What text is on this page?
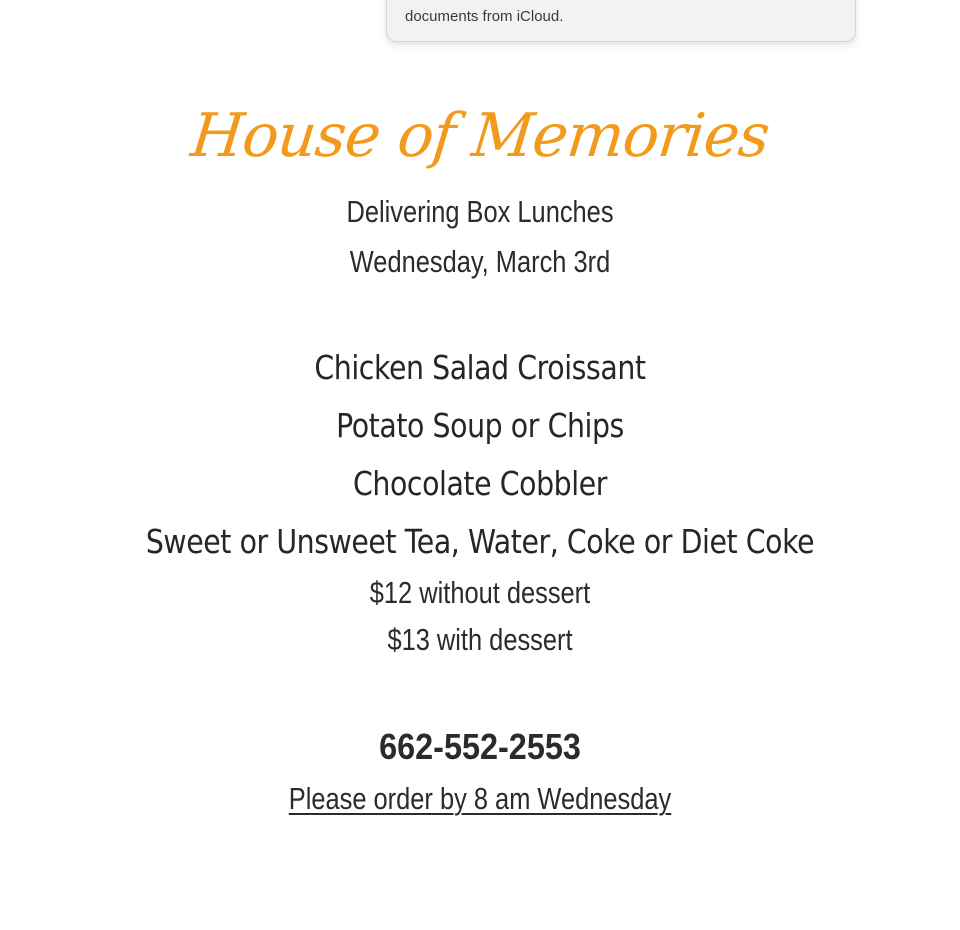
documents from iCloud.
House of Memories
Delivering Box Lunches
Wednesday, March 3rd
Chicken Salad Croissant
Potato Soup or Chips
Chocolate Cobbler
Sweet or Unsweet Tea, Water, Coke or Diet Coke
$12 without dessert
$13 with dessert
662-552-2553
Please order by 8 am Wednesday
